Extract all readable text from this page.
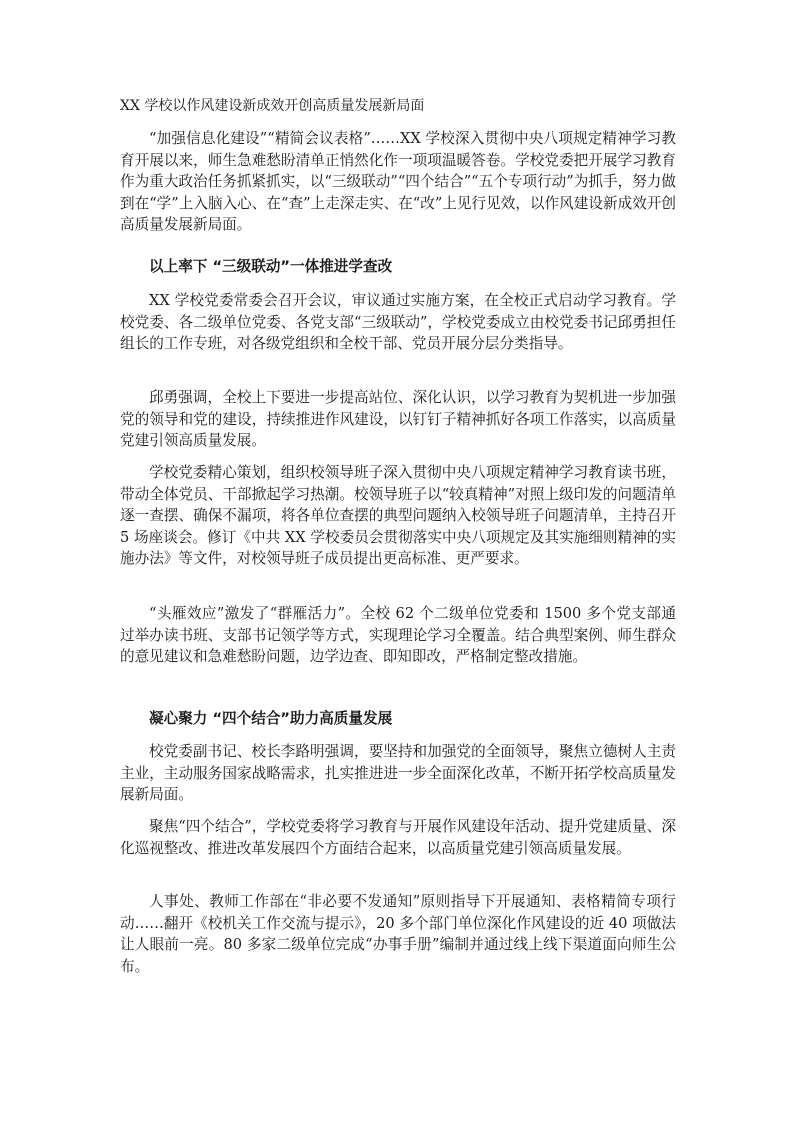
XX 学校以作风建设新成效开创高质量发展新局面

“加强信息化建设”“精简会议表格”……XX 学校深入贯彻中央八项规定精神学习教育开展以来，师生急难愁盼清单正悄然化作一项项温暖答卷。学校党委把开展学习教育作为重大政治任务抓紧抓实，以“三级联动”“四个结合”“五个专项行动”为抓手，努力做到在“学”上入脑入心、在“查”上走深走实、在“改”上见行见效，以作风建设新成效开创高质量发展新局面。

以上率下 “三级联动”一体推进学查改

XX 学校党委常委会召开会议，审议通过实施方案，在全校正式启动学习教育。学校党委、各二级单位党委、各党支部“三级联动”，学校党委成立由校党委书记邱勇担任组长的工作专班，对各级党组织和全校干部、党员开展分层分类指导。

邱勇强调，全校上下要进一步提高站位、深化认识，以学习教育为契机进一步加强党的领导和党的建设，持续推进作风建设，以钉钉子精神抓好各项工作落实，以高质量党建引领高质量发展。

学校党委精心策划，组织校领导班子深入贯彻中央八项规定精神学习教育读书班，带动全体党员、干部掀起学习热潮。校领导班子以“较真精神”对照上级印发的问题清单逐一查摆、确保不漏项，将各单位查摆的典型问题纳入校领导班子问题清单，主持召开 5 场座谈会。修订《中共 XX 学校委员会贯彻落实中央八项规定及其实施细则精神的实施办法》等文件，对校领导班子成员提出更高标准、更严要求。

“头雁效应”激发了“群雁活力”。全校 62 个二级单位党委和 1500 多个党支部通过举办读书班、支部书记领学等方式，实现理论学习全覆盖。结合典型案例、师生群众的意见建议和急难愁盼问题，边学边查、即知即改，严格制定整改措施。

凝心聚力 “四个结合”助力高质量发展

校党委副书记、校长李路明强调，要坚持和加强党的全面领导，聚焦立德树人主责主业，主动服务国家战略需求，扎实推进进一步全面深化改革，不断开拓学校高质量发展新局面。

聚焦“四个结合”，学校党委将学习教育与开展作风建设年活动、提升党建质量、深化巡视整改、推进改革发展四个方面结合起来，以高质量党建引领高质量发展。

人事处、教师工作部在“非必要不发通知”原则指导下开展通知、表格精简专项行动……翻开《校机关工作交流与提示》，20 多个部门单位深化作风建设的近 40 项做法让人眼前一亮。80 多家二级单位完成“办事手册”编制并通过线上线下渠道面向师生公布。
